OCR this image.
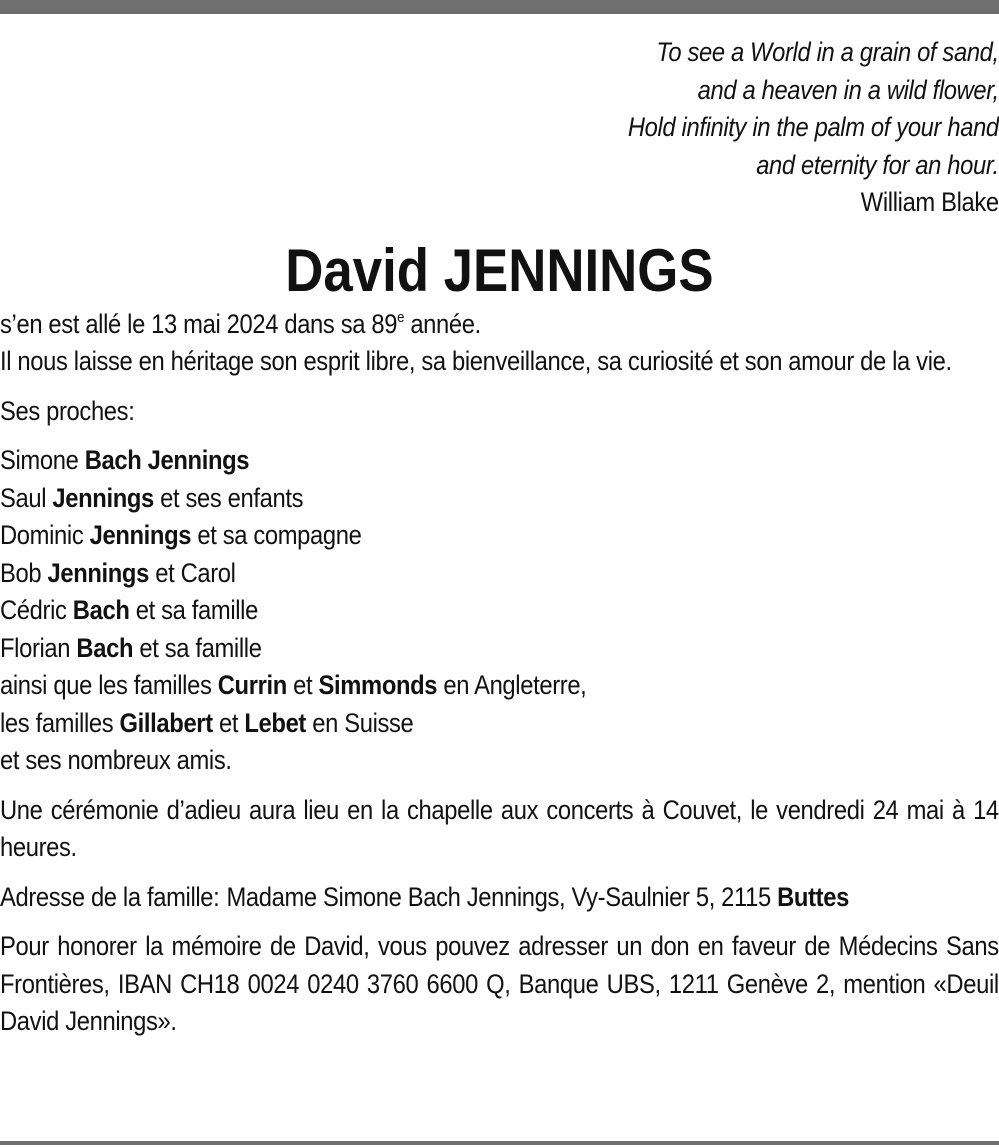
To see a World in a grain of sand,
and a heaven in a wild flower,
Hold infinity in the palm of your hand
and eternity for an hour.
William Blake
David JENNINGS

s’en est allé le 13 mai 2024 dans sa 89e année.

Il nous laisse en héritage son esprit libre, sa bienveillance, sa curiosité et son amour de la vie.

Ses proches:

Simone Bach Jennings
Saul Jennings et ses enfants
Dominic Jennings et sa compagne
Bob Jennings et Carol
Cédric Bach et sa famille
Florian Bach et sa famille
ainsi que les familles Currin et Simmonds en Angleterre,
les familles Gillabert et Lebet en Suisse
et ses nombreux amis.

Une cérémonie d’adieu aura lieu en la chapelle aux concerts à Couvet, le vendredi 24 mai à 14 heures.

Adresse de la famille: Madame Simone Bach Jennings, Vy-Saulnier 5, 2115 Buttes

Pour honorer la mémoire de David, vous pouvez adresser un don en faveur de Médecins Sans Frontières, IBAN CH18 0024 0240 3760 6600 Q, Banque UBS, 1211 Genève 2, mention «Deuil David Jennings».
